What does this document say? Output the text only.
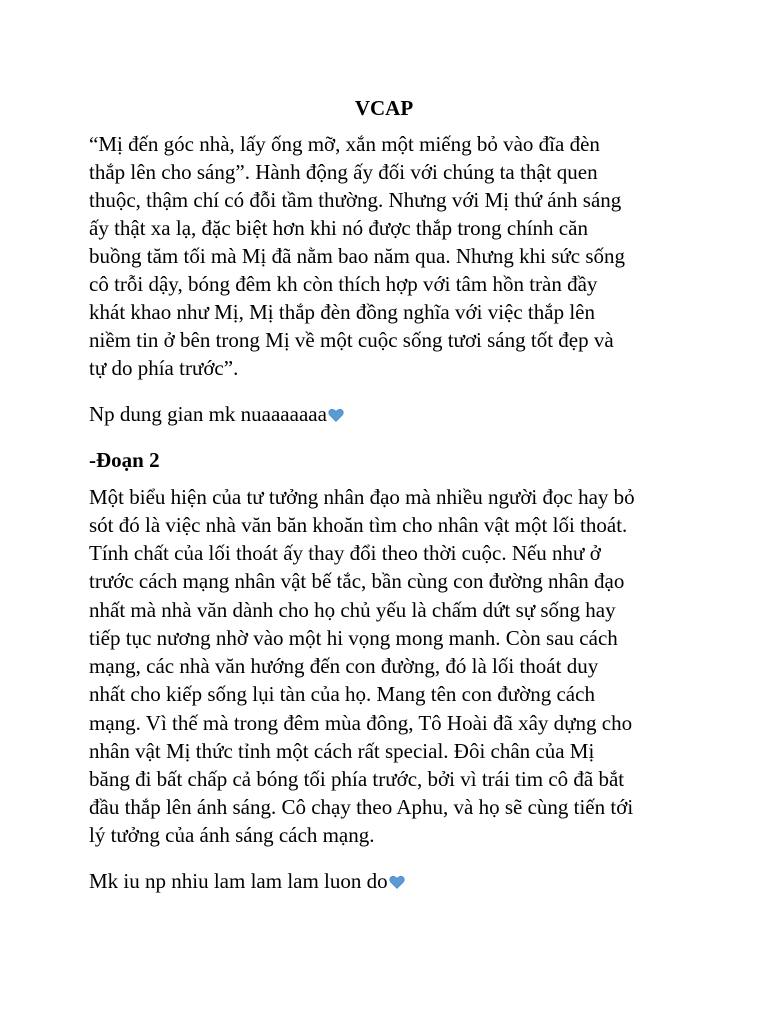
VCAP
“Mị đến góc nhà, lấy ống mỡ, xắn một miếng bỏ vào đĩa đèn
thắp lên cho sáng”. Hành động ấy đối với chúng ta thật quen
thuộc, thậm chí có đỗi tầm thường. Nhưng với Mị thứ ánh sáng
ấy thật xa lạ, đặc biệt hơn khi nó được thắp trong chính căn
buồng tăm tối mà Mị đã nằm bao năm qua. Nhưng khi sức sống
cô trỗi dậy, bóng đêm kh còn thích hợp với tâm hồn tràn đầy
khát khao như Mị, Mị thắp đèn đồng nghĩa với việc thắp lên
niềm tin ở bên trong Mị về một cuộc sống tươi sáng tốt đẹp và
tự do phía trước”.
Np dung gian mk nuaaaaaaa
-Đoạn 2
Một biểu hiện của tư tưởng nhân đạo mà nhiều người đọc hay bỏ
sót đó là việc nhà văn băn khoăn tìm cho nhân vật một lối thoát.
Tính chất của lối thoát ấy thay đổi theo thời cuộc. Nếu như ở
trước cách mạng nhân vật bế tắc, bần cùng con đường nhân đạo
nhất mà nhà văn dành cho họ chủ yếu là chấm dứt sự sống hay
tiếp tục nương nhờ vào một hi vọng mong manh. Còn sau cách
mạng, các nhà văn hướng đến con đường, đó là lối thoát duy
nhất cho kiếp sống lụi tàn của họ. Mang tên con đường cách
mạng. Vì thế mà trong đêm mùa đông, Tô Hoài đã xây dựng cho
nhân vật Mị thức tỉnh một cách rất special. Đôi chân của Mị
băng đi bất chấp cả bóng tối phía trước, bởi vì trái tim cô đã bắt
đầu thắp lên ánh sáng. Cô chạy theo Aphu, và họ sẽ cùng tiến tới
lý tưởng của ánh sáng cách mạng.
Mk iu np nhiu lam lam lam luon do
